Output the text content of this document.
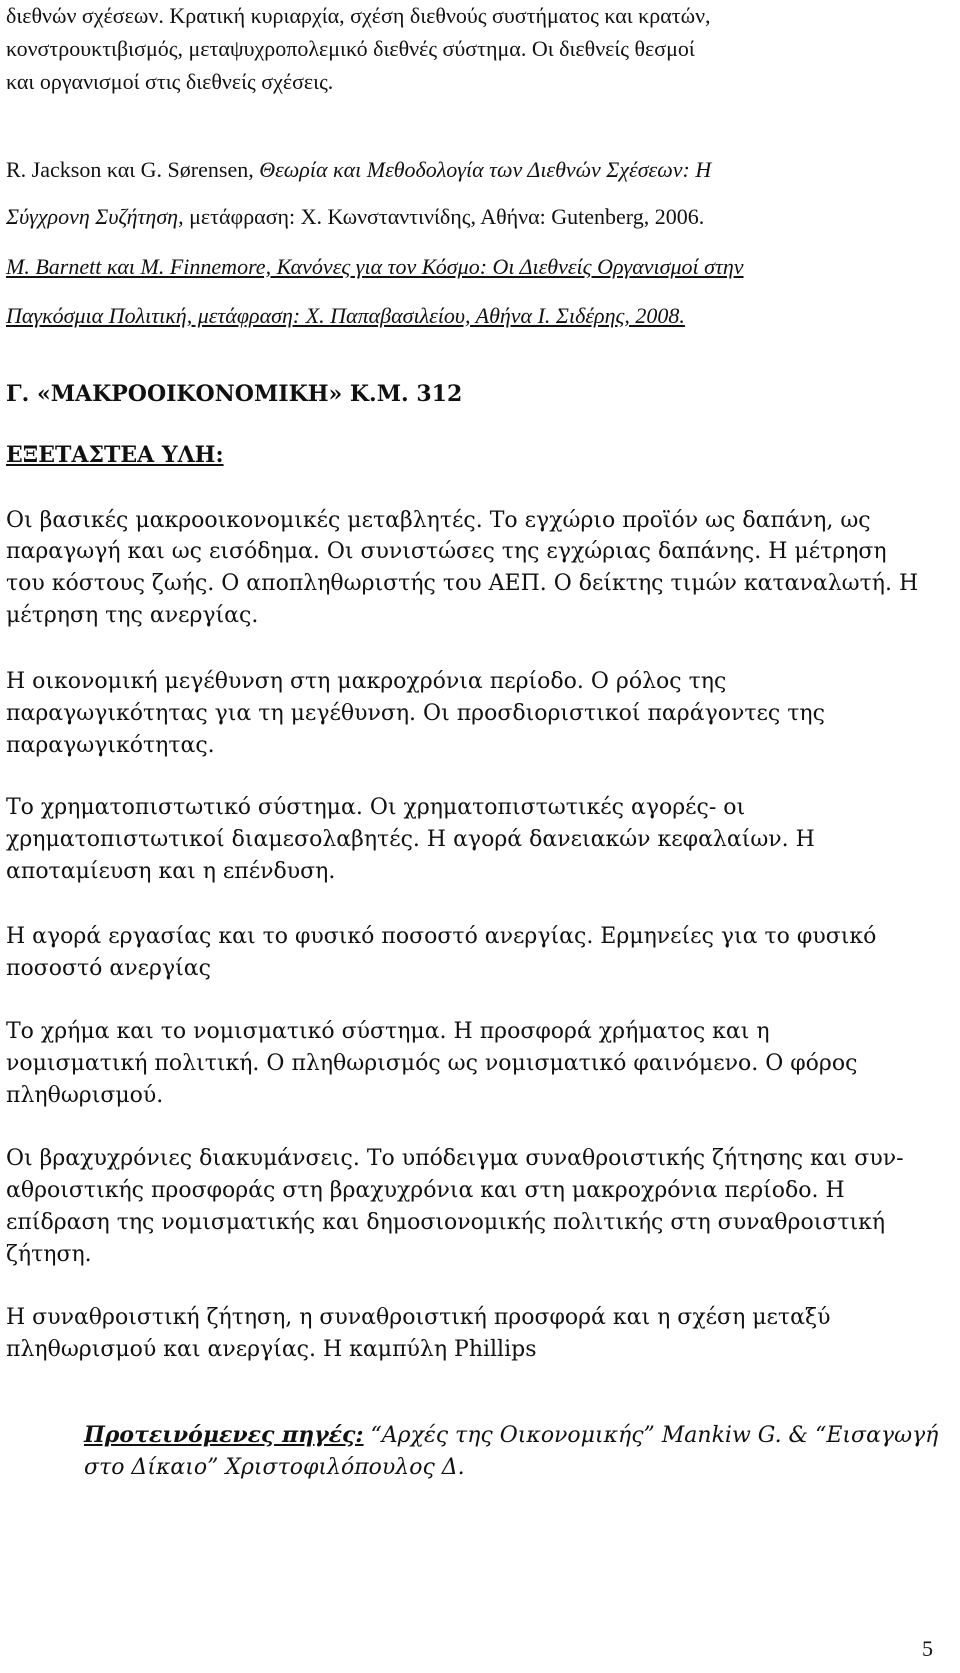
διεθνών σχέσεων. Κρατική κυριαρχία, σχέση διεθνούς συστήματος και κρατών,
κονστρουκτιβισμός, μεταψυχροπολεμικό διεθνές σύστημα. Οι διεθνείς θεσμοί
και οργανισμοί στις διεθνείς σχέσεις.
R. Jackson και G. Sørensen, Θεωρία και Μεθοδολογία των Διεθνών Σχέσεων: Η
Σύγχρονη Συζήτηση, μετάφραση: Χ. Κωνσταντινίδης, Αθήνα: Gutenberg, 2006.
M. Barnett και M. Finnemore, Κανόνες για τον Κόσμο: Οι Διεθνείς Οργανισμοί στην
Παγκόσμια Πολιτική, μετάφραση: Χ. Παπαβασιλείου, Αθήνα Ι. Σιδέρης, 2008.
Γ. «ΜΑΚΡΟΟΙΚΟΝΟΜΙΚΗ» Κ.Μ. 312
ΕΞΕΤΑΣΤΕΑ ΥΛΗ:
Οι βασικές μακροοικονομικές μεταβλητές. Το εγχώριο προϊόν ως δαπάνη, ως
παραγωγή και ως εισόδημα. Οι συνιστώσες της εγχώριας δαπάνης. Η μέτρηση
του κόστους ζωής. Ο αποπληθωριστής του ΑΕΠ. Ο δείκτης τιμών καταναλωτή. Η
μέτρηση της ανεργίας.
Η οικονομική μεγέθυνση στη μακροχρόνια περίοδο. Ο ρόλος της
παραγωγικότητας για τη μεγέθυνση. Οι προσδιοριστικοί παράγοντες της
παραγωγικότητας.
Το χρηματοπιστωτικό σύστημα. Οι χρηματοπιστωτικές αγορές- οι
χρηματοπιστωτικοί διαμεσολαβητές. Η αγορά δανειακών κεφαλαίων. Η
αποταμίευση και η επένδυση.
Η αγορά εργασίας και το φυσικό ποσοστό ανεργίας. Ερμηνείες για το φυσικό
ποσοστό ανεργίας
Το χρήμα και το νομισματικό σύστημα. Η προσφορά χρήματος και η
νομισματική πολιτική. Ο πληθωρισμός ως νομισματικό φαινόμενο. Ο φόρος
πληθωρισμού.
Οι βραχυχρόνιες διακυμάνσεις. Το υπόδειγμα συναθροιστικής ζήτησης και συν-
αθροιστικής προσφοράς στη βραχυχρόνια και στη μακροχρόνια περίοδο. Η
επίδραση της νομισματικής και δημοσιονομικής πολιτικής στη συναθροιστική
ζήτηση.
Η συναθροιστική ζήτηση, η συναθροιστική προσφορά και η σχέση μεταξύ
πληθωρισμού και ανεργίας. Η καμπύλη Phillips
Προτεινόμενες πηγές: “Αρχές της Οικονομικής” Mankiw G. & “Εισαγωγή
στο Δίκαιο” Χριστοφιλόπουλος Δ.
5
